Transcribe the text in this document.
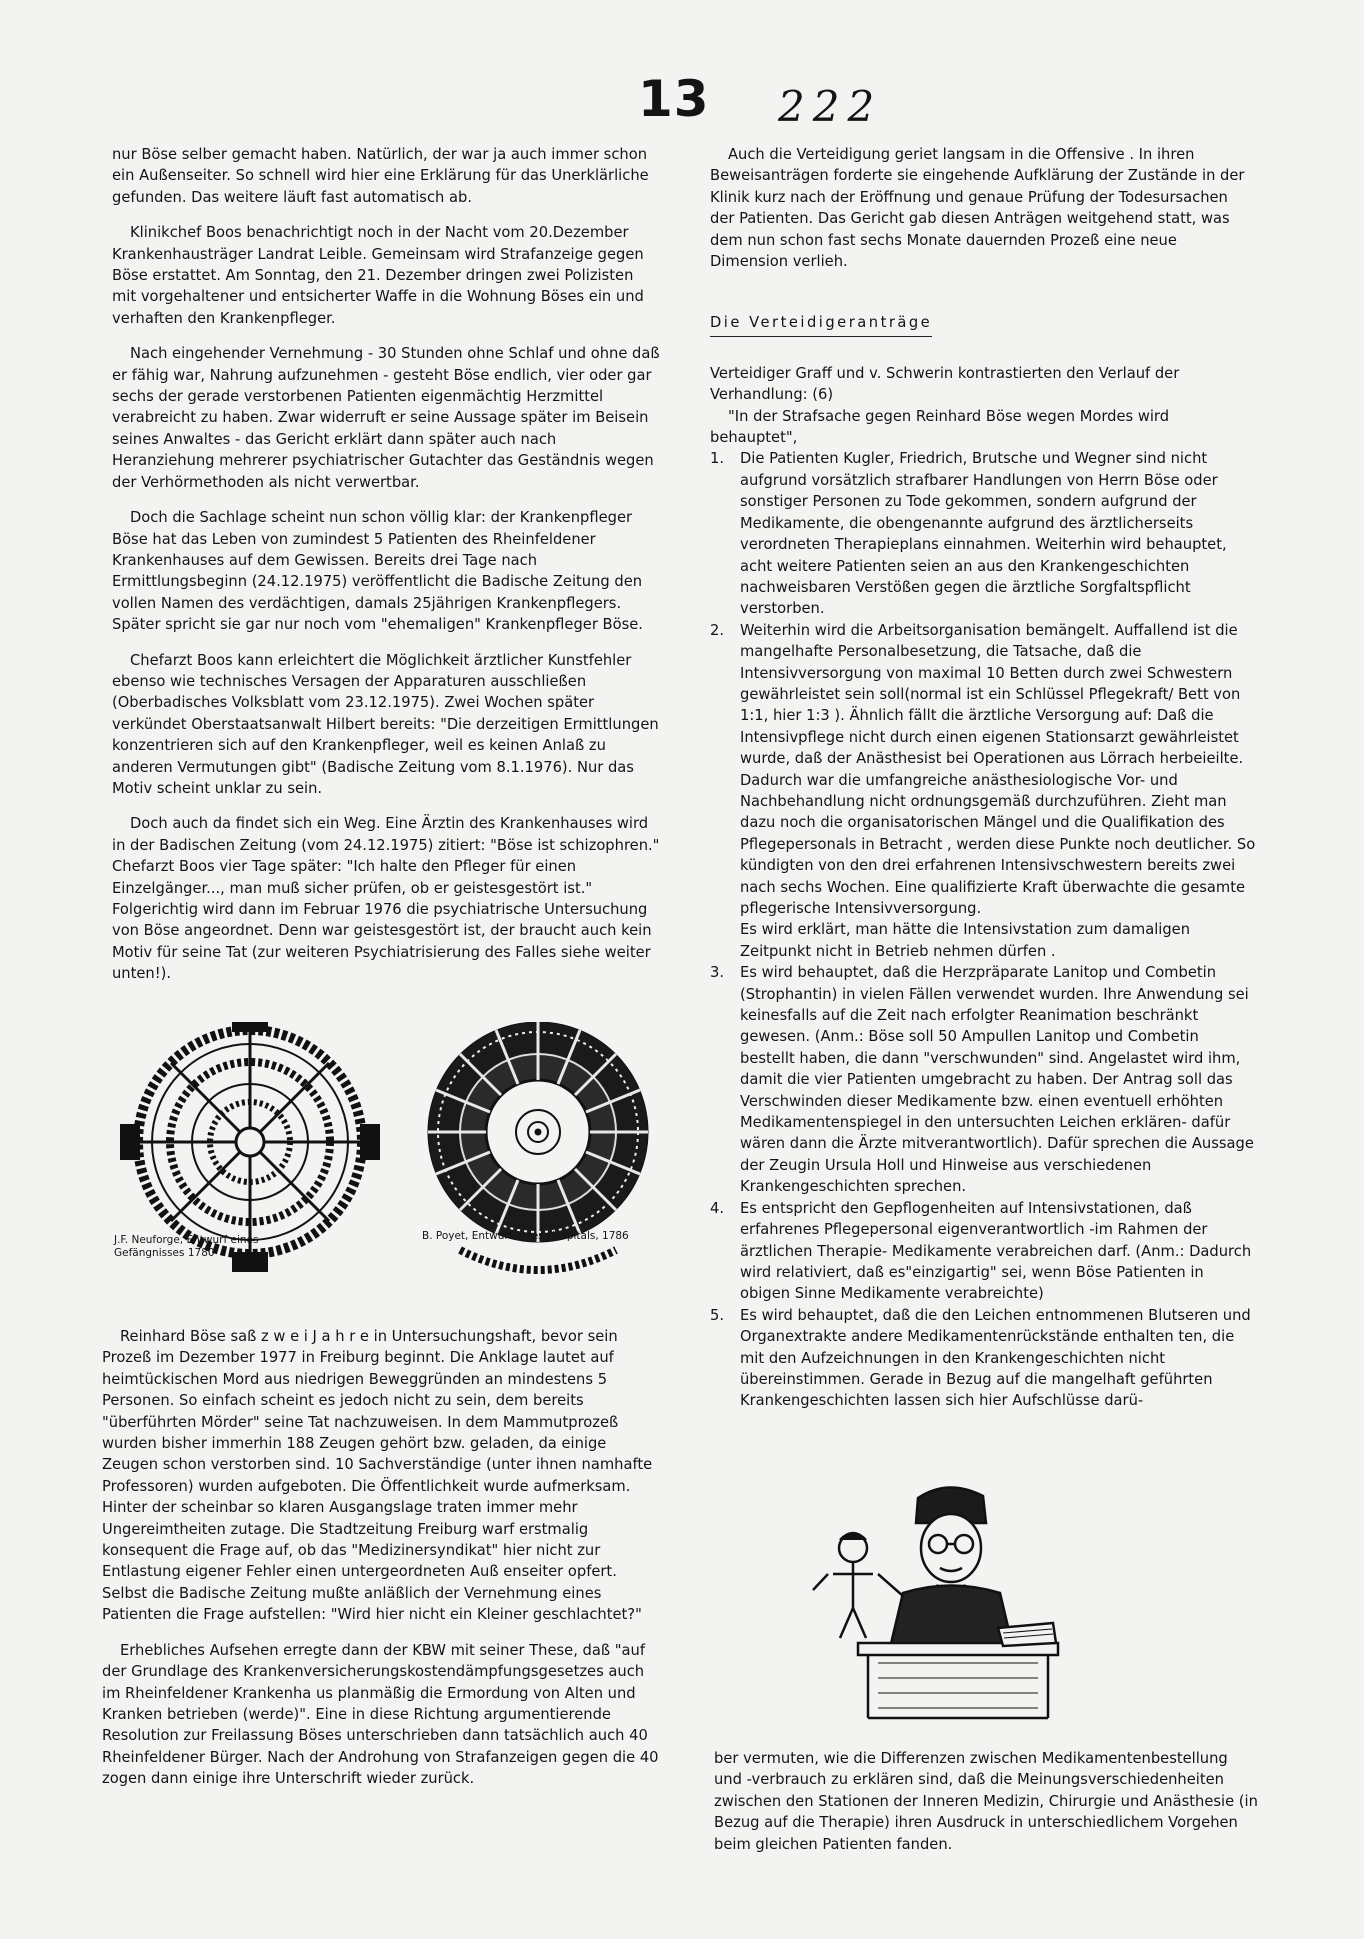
13 222

nur Böse selber gemacht haben. Natürlich, der war ja auch immer schon ein Außenseiter. So schnell wird hier eine Erklärung für das Unerklärliche gefunden. Das weitere läuft fast automatisch ab.

Klinikchef Boos benachrichtigt noch in der Nacht vom 20.Dezember Krankenhausträger Landrat Leible. Gemeinsam wird Strafanzeige gegen Böse erstattet. Am Sonntag, den 21. Dezember dringen zwei Polizisten mit vorgehaltener und entsicherter Waffe in die Wohnung Böses ein und verhaften den Krankenpfleger.

Nach eingehender Vernehmung - 30 Stunden ohne Schlaf und ohne daß er fähig war, Nahrung aufzunehmen - gesteht Böse endlich, vier oder gar sechs der gerade verstorbenen Patienten eigenmächtig Herzmittel verabreicht zu haben. Zwar widerruft er seine Aussage später im Beisein seines Anwaltes - das Gericht erklärt dann später auch nach Heranziehung mehrerer psychiatrischer Gutachter das Geständnis wegen der Verhörmethoden als nicht verwertbar.

Doch die Sachlage scheint nun schon völlig klar: der Krankenpfleger Böse hat das Leben von zumindest 5 Patienten des Rheinfeldener Krankenhauses auf dem Gewissen. Bereits drei Tage nach Ermittlungsbeginn (24.12.1975) veröffentlicht die Badische Zeitung den vollen Namen des verdächtigen, damals 25jährigen Krankenpflegers. Später spricht sie gar nur noch vom "ehemaligen" Krankenpfleger Böse.

Chefarzt Boos kann erleichtert die Möglichkeit ärztlicher Kunstfehler ebenso wie technisches Versagen der Apparaturen ausschließen (Oberbadisches Volksblatt vom 23.12.1975). Zwei Wochen später verkündet Oberstaatsanwalt Hilbert bereits: "Die derzeitigen Ermittlungen konzentrieren sich auf den Krankenpfleger, weil es keinen Anlaß zu anderen Vermutungen gibt" (Badische Zeitung vom 8.1.1976). Nur das Motiv scheint unklar zu sein.

Doch auch da findet sich ein Weg. Eine Ärztin des Krankenhauses wird in der Badischen Zeitung (vom 24.12.1975) zitiert: "Böse ist schizophren." Chefarzt Boos vier Tage später: "Ich halte den Pfleger für einen Einzelgänger..., man muß sicher prüfen, ob er geistesgestört ist." Folgerichtig wird dann im Februar 1976 die psychiatrische Untersuchung von Böse angeordnet. Denn war geistesgestört ist, der braucht auch kein Motiv für seine Tat (zur weiteren Psychiatrisierung des Falles siehe weiter unten!).

J.F. Neuforge, Entwurf eines Gefängnisses 1780
B. Poyet, Entwurf eines Hospitals, 1786

Reinhard Böse saß z w e i J a h r e in Untersuchungshaft, bevor sein Prozeß im Dezember 1977 in Freiburg beginnt. Die Anklage lautet auf heimtückischen Mord aus niedrigen Beweggründen an mindestens 5 Personen. So einfach scheint es jedoch nicht zu sein, dem bereits "überführten Mörder" seine Tat nachzuweisen. In dem Mammutprozeß wurden bisher immerhin 188 Zeugen gehört bzw. geladen, da einige Zeugen schon verstorben sind. 10 Sachverständige (unter ihnen namhafte Professoren) wurden aufgeboten. Die Öffentlichkeit wurde aufmerksam. Hinter der scheinbar so klaren Ausgangslage traten immer mehr Ungereimtheiten zutage. Die Stadtzeitung Freiburg warf erstmalig konsequent die Frage auf, ob das "Medizinersyndikat" hier nicht zur Entlastung eigener Fehler einen untergeordneten Auß enseiter opfert. Selbst die Badische Zeitung mußte anläßlich der Vernehmung eines Patienten die Frage aufstellen: "Wird hier nicht ein Kleiner geschlachtet?"

Erhebliches Aufsehen erregte dann der KBW mit seiner These, daß "auf der Grundlage des Krankenversicherungskostendämpfungsgesetzes auch im Rheinfeldener Krankenha us planmäßig die Ermordung von Alten und Kranken betrieben (werde)". Eine in diese Richtung argumentierende Resolution zur Freilassung Böses unterschrieben dann tatsächlich auch 40 Rheinfeldener Bürger. Nach der Androhung von Strafanzeigen gegen die 40 zogen dann einige ihre Unterschrift wieder zurück.

Auch die Verteidigung geriet langsam in die Offensive . In ihren Beweisanträgen forderte sie eingehende Aufklärung der Zustände in der Klinik kurz nach der Eröffnung und genaue Prüfung der Todesursachen der Patienten. Das Gericht gab diesen Anträgen weitgehend statt, was dem nun schon fast sechs Monate dauernden Prozeß eine neue Dimension verlieh.

Die Verteidigeranträge

Verteidiger Graff und v. Schwerin kontrastierten den Verlauf der Verhandlung: (6)

"In der Strafsache gegen Reinhard Böse wegen Mordes wird behauptet",

1. Die Patienten Kugler, Friedrich, Brutsche und Wegner sind nicht aufgrund vorsätzlich strafbarer Handlungen von Herrn Böse oder sonstiger Personen zu Tode gekommen, sondern aufgrund der Medikamente, die obengenannte aufgrund des ärztlicherseits verordneten Therapieplans einnahmen. Weiterhin wird behauptet, acht weitere Patienten seien an aus den Krankengeschichten nachweisbaren Verstößen gegen die ärztliche Sorgfaltspflicht verstorben.
2. Weiterhin wird die Arbeitsorganisation bemängelt. Auffallend ist die mangelhafte Personalbesetzung, die Tatsache, daß die Intensivversorgung von maximal 10 Betten durch zwei Schwestern gewährleistet sein soll(normal ist ein Schlüssel Pflegekraft/ Bett von 1:1, hier 1:3 ). Ähnlich fällt die ärztliche Versorgung auf: Daß die Intensivpflege nicht durch einen eigenen Stationsarzt gewährleistet wurde, daß der Anästhesist bei Operationen aus Lörrach herbeieilte. Dadurch war die umfangreiche anästhesiologische Vor- und Nachbehandlung nicht ordnungsgemäß durchzuführen. Zieht man dazu noch die organisatorischen Mängel und die Qualifikation des Pflegepersonals in Betracht , werden diese Punkte noch deutlicher. So kündigten von den drei erfahrenen Intensivschwestern bereits zwei nach sechs Wochen. Eine qualifizierte Kraft überwachte die gesamte pflegerische Intensivversorgung.
Es wird erklärt, man hätte die Intensivstation zum damaligen Zeitpunkt nicht in Betrieb nehmen dürfen .
3. Es wird behauptet, daß die Herzpräparate Lanitop und Combetin (Strophantin) in vielen Fällen verwendet wurden. Ihre Anwendung sei keinesfalls auf die Zeit nach erfolgter Reanimation beschränkt gewesen. (Anm.: Böse soll 50 Ampullen Lanitop und Combetin bestellt haben, die dann "verschwunden" sind. Angelastet wird ihm, damit die vier Patienten umgebracht zu haben. Der Antrag soll das Verschwinden dieser Medikamente bzw. einen eventuell erhöhten Medikamentenspiegel in den untersuchten Leichen erklären- dafür wären dann die Ärzte mitverantwortlich). Dafür sprechen die Aussage der Zeugin Ursula Holl und Hinweise aus verschiedenen Krankengeschichten sprechen.
4. Es entspricht den Gepflogenheiten auf Intensivstationen, daß erfahrenes Pflegepersonal eigenverantwortlich -im Rahmen der ärztlichen Therapie- Medikamente verabreichen darf. (Anm.: Dadurch wird relativiert, daß es"einzigartig" sei, wenn Böse Patienten in obigen Sinne Medikamente verabreichte)
5. Es wird behauptet, daß die den Leichen entnommenen Blutseren und Organextrakte andere Medikamentenrückstände enthalten ten, die mit den Aufzeichnungen in den Krankengeschichten nicht übereinstimmen. Gerade in Bezug auf die mangelhaft geführten Krankengeschichten lassen sich hier Aufschlüsse darü-

ber vermuten, wie die Differenzen zwischen Medikamentenbestellung und -verbrauch zu erklären sind, daß die Meinungsverschiedenheiten zwischen den Stationen der Inneren Medizin, Chirurgie und Anästhesie (in Bezug auf die Therapie) ihren Ausdruck in unterschiedlichem Vorgehen beim gleichen Patienten fanden.
